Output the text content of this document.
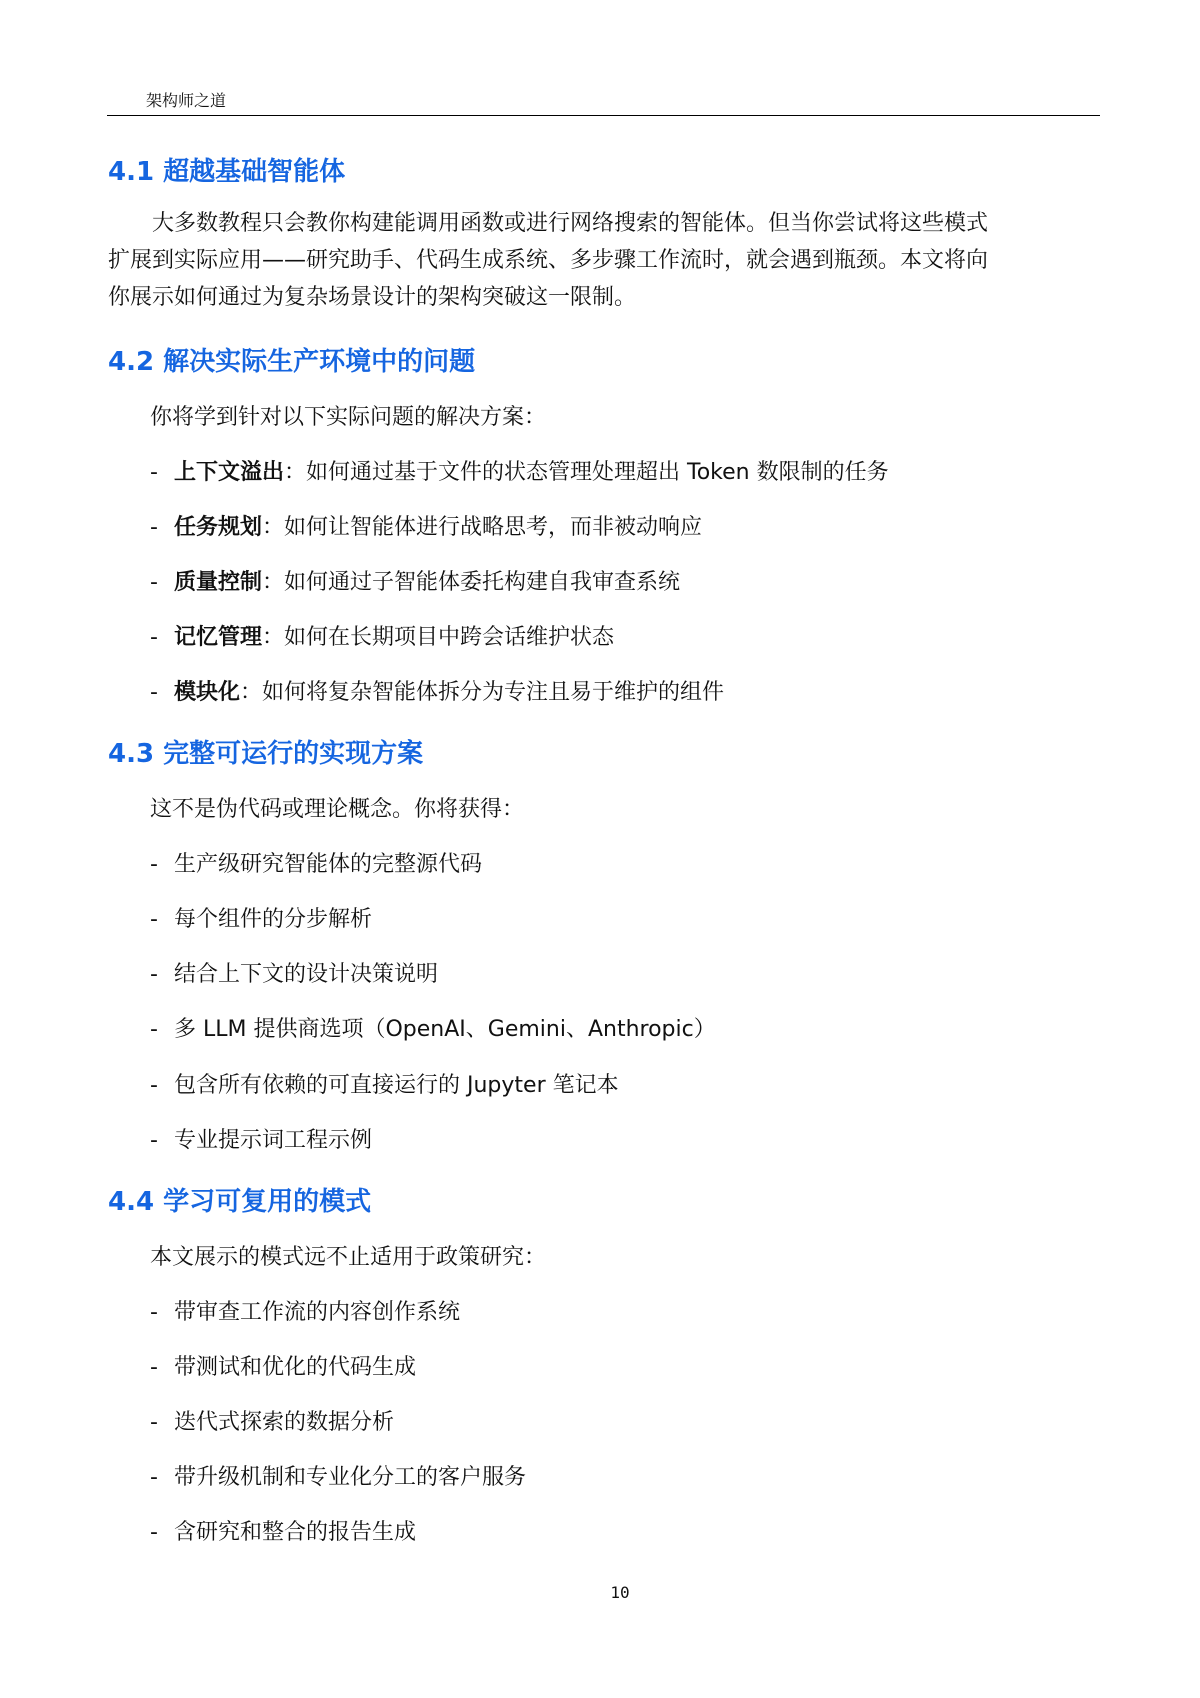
架构师之道
4.1 超越基础智能体
　　大多数教程只会教你构建能调用函数或进行网络搜索的智能体。但当你尝试将这些模式
扩展到实际应用——研究助手、代码生成系统、多步骤工作流时，就会遇到瓶颈。本文将向
你展示如何通过为复杂场景设计的架构突破这一限制。
4.2 解决实际生产环境中的问题

你将学到针对以下实际问题的解决方案：

- 上下文溢出：如何通过基于文件的状态管理处理超出 Token 数限制的任务

- 任务规划：如何让智能体进行战略思考，而非被动响应

- 质量控制：如何通过子智能体委托构建自我审查系统

- 记忆管理：如何在长期项目中跨会话维护状态

- 模块化：如何将复杂智能体拆分为专注且易于维护的组件

4.3 完整可运行的实现方案

这不是伪代码或理论概念。你将获得：

- 生产级研究智能体的完整源代码

- 每个组件的分步解析

- 结合上下文的设计决策说明

- 多 LLM 提供商选项（OpenAI、Gemini、Anthropic）

- 包含所有依赖的可直接运行的 Jupyter 笔记本

- 专业提示词工程示例

4.4 学习可复用的模式

本文展示的模式远不止适用于政策研究：

- 带审查工作流的内容创作系统

- 带测试和优化的代码生成

- 迭代式探索的数据分析

- 带升级机制和专业化分工的客户服务

- 含研究和整合的报告生成

10
